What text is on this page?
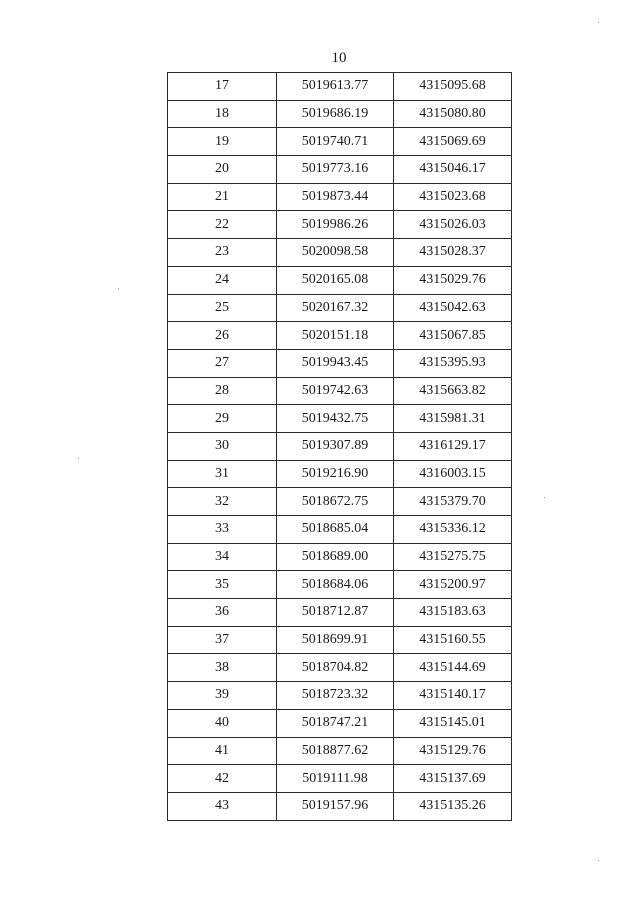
10
17	5019613.77	4315095.68
18	5019686.19	4315080.80
19	5019740.71	4315069.69
20	5019773.16	4315046.17
21	5019873.44	4315023.68
22	5019986.26	4315026.03
23	5020098.58	4315028.37
24	5020165.08	4315029.76
25	5020167.32	4315042.63
26	5020151.18	4315067.85
27	5019943.45	4315395.93
28	5019742.63	4315663.82
29	5019432.75	4315981.31
30	5019307.89	4316129.17
31	5019216.90	4316003.15
32	5018672.75	4315379.70
33	5018685.04	4315336.12
34	5018689.00	4315275.75
35	5018684.06	4315200.97
36	5018712.87	4315183.63
37	5018699.91	4315160.55
38	5018704.82	4315144.69
39	5018723.32	4315140.17
40	5018747.21	4315145.01
41	5018877.62	4315129.76
42	5019111.98	4315137.69
43	5019157.96	4315135.26
